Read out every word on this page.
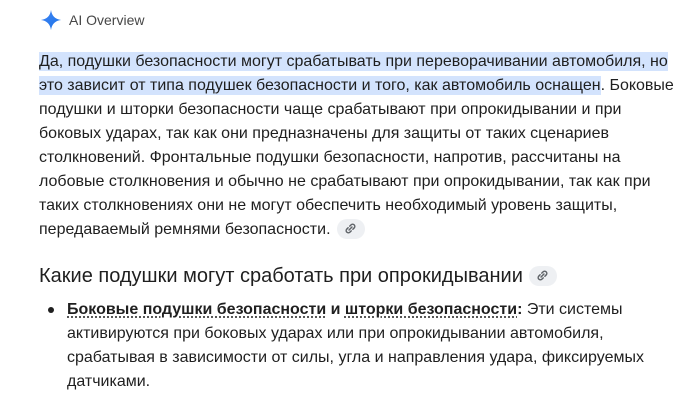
AI Overview

Да, подушки безопасности могут срабатывать при переворачивании автомобиля, но это зависит от типа подушек безопасности и того, как автомобиль оснащен. Боковые подушки и шторки безопасности чаще срабатывают при опрокидывании и при боковых ударах, так как они предназначены для защиты от таких сценариев столкновений. Фронтальные подушки безопасности, напротив, рассчитаны на лобовые столкновения и обычно не срабатывают при опрокидывании, так как при таких столкновениях они не могут обеспечить необходимый уровень защиты, передаваемый ремнями безопасности.

Какие подушки могут сработать при опрокидывании
Боковые подушки безопасности и шторки безопасности: Эти системы активируются при боковых ударах или при опрокидывании автомобиля, срабатывая в зависимости от силы, угла и направления удара, фиксируемых датчиками.
